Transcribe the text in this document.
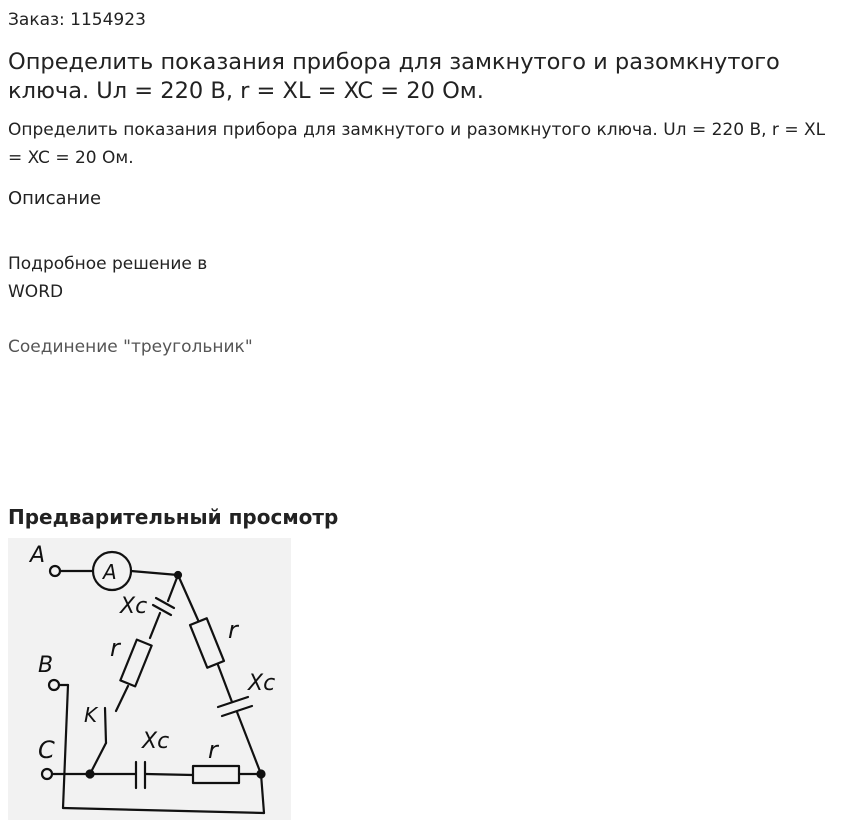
Заказ: 1154923
Определить показания прибора для замкнутого и разомкнутого ключа. Uл = 220 В, r = XL = XC = 20 Ом.
Определить показания прибора для замкнутого и разомкнутого ключа. Uл = 220 В, r = XL = XC = 20 Ом.
Описание
Подробное решение в WORD
Соединение "треугольник"
Предварительный просмотр
A
A
Xc
r
r
Xc
B
K
C	Xc r
